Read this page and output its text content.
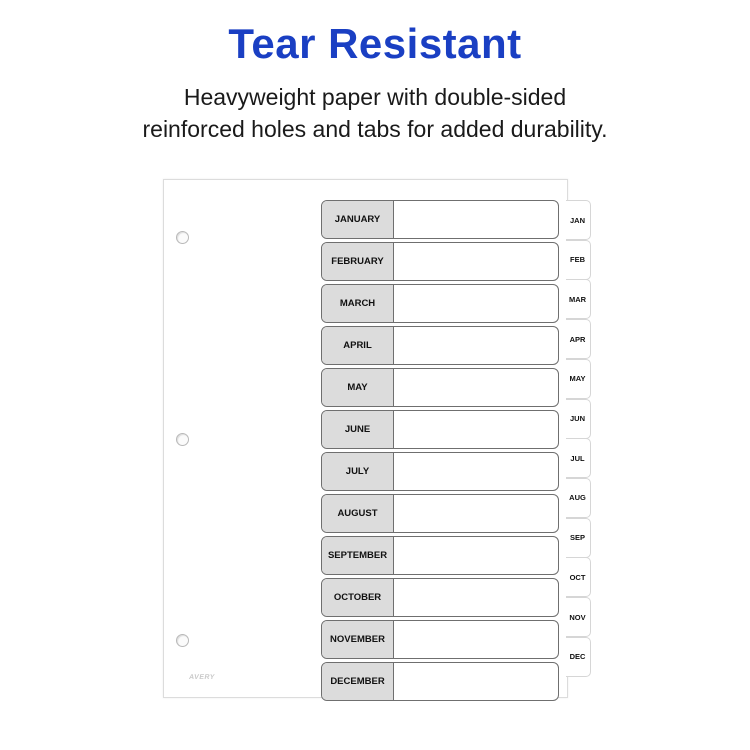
Tear Resistant
Heavyweight paper with double-sided
reinforced holes and tabs for added durability.
AVERY
JANUARY
FEBRUARY
MARCH
APRIL
MAY
JUNE
JULY
AUGUST
SEPTEMBER
OCTOBER
NOVEMBER
DECEMBER
JAN
FEB
MAR
APR
MAY
JUN
JUL
AUG
SEP
OCT
NOV
DEC
